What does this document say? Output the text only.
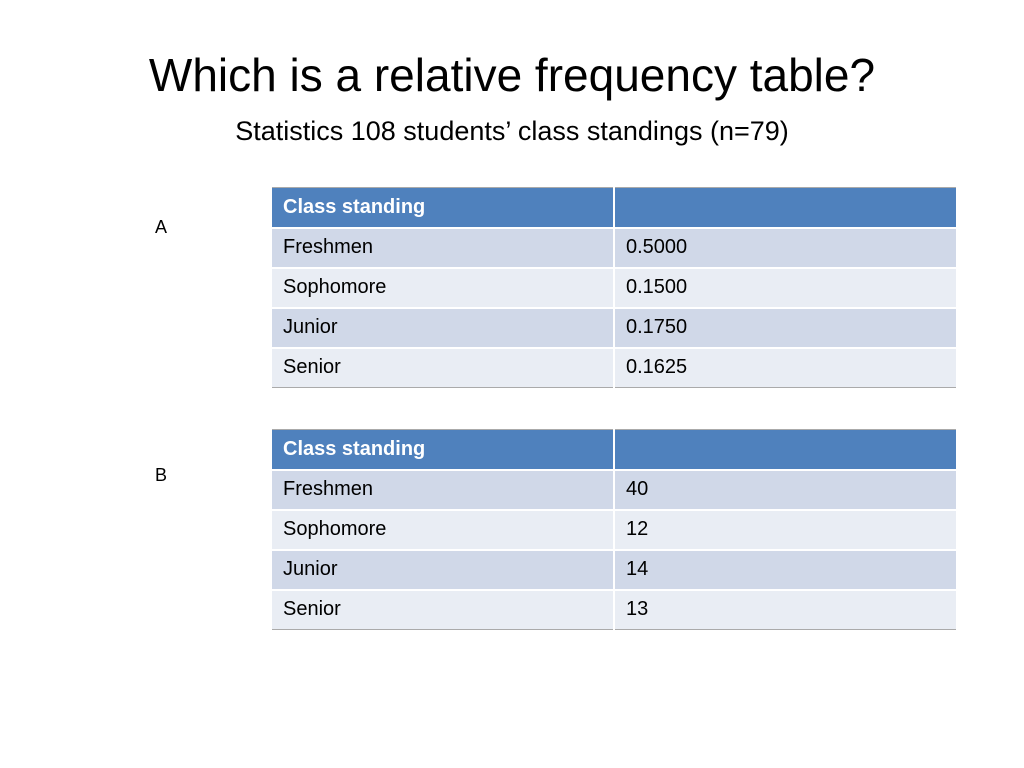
Which is a relative frequency table?
Statistics 108 students’ class standings (n=79)
A
Class standing	
Freshmen	0.5000
Sophomore	0.1500
Junior	0.1750
Senior	0.1625
B
Class standing	
Freshmen	40
Sophomore	12
Junior	14
Senior	13
